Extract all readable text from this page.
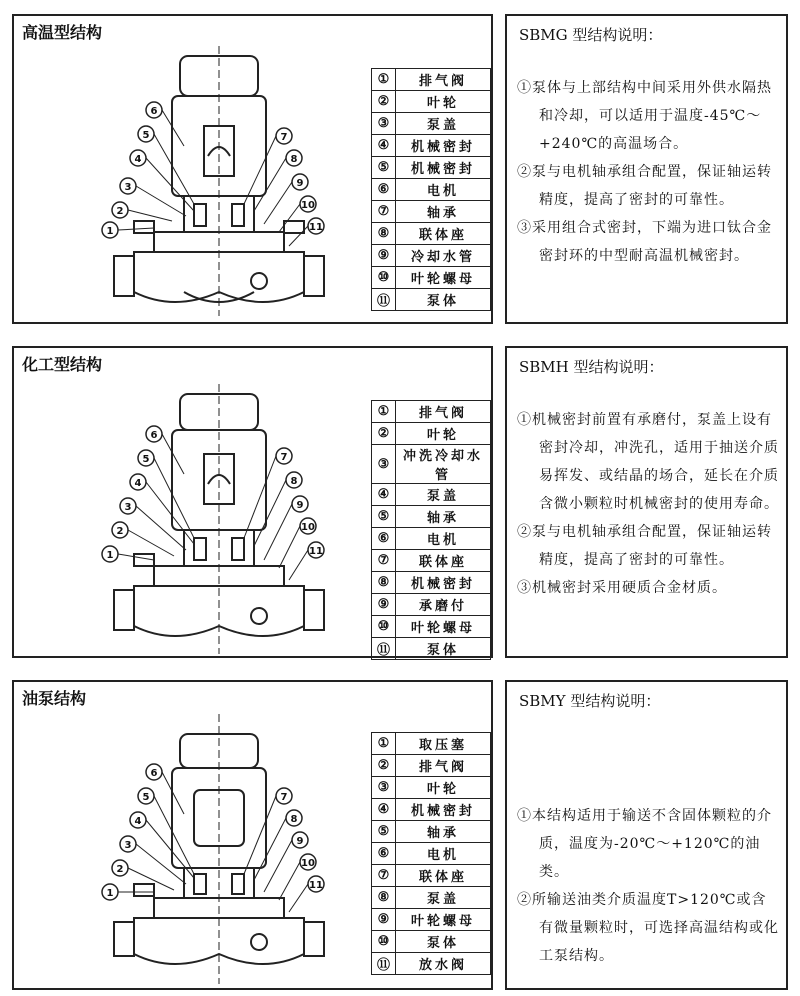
高温型结构
1
2
3
4
5
6
7
8
9
10
11
①	排气阀
②	叶轮
③	泵盖
④	机械密封
⑤	机械密封
⑥	电机
⑦	轴承
⑧	联体座
⑨	冷却水管
⑩	叶轮螺母
⑪	泵体
SBMG 型结构说明：
①泵体与上部结构中间采用外供水隔热和冷却，可以适用于温度-45℃～+240℃的高温场合。
②泵与电机轴承组合配置，保证轴运转精度，提高了密封的可靠性。
③采用组合式密封，下端为进口钛合金密封环的中型耐高温机械密封。
化工型结构
1
2
3
4
5
6
7
8
9
10
11
①	排气阀
②	叶轮
③	冲洗冷却水管
④	泵盖
⑤	轴承
⑥	电机
⑦	联体座
⑧	机械密封
⑨	承磨付
⑩	叶轮螺母
⑪	泵体
SBMH 型结构说明：
①机械密封前置有承磨付，泵盖上设有密封冷却，冲洗孔，适用于抽送介质易挥发、或结晶的场合，延长在介质含微小颗粒时机械密封的使用寿命。
②泵与电机轴承组合配置，保证轴运转精度，提高了密封的可靠性。
③机械密封采用硬质合金材质。
油泵结构
1
2
3
4
5
6
7
8
9
10
11
①	取压塞
②	排气阀
③	叶轮
④	机械密封
⑤	轴承
⑥	电机
⑦	联体座
⑧	泵盖
⑨	叶轮螺母
⑩	泵体
⑪	放水阀
SBMY 型结构说明：
①本结构适用于输送不含固体颗粒的介质，温度为-20℃～+120℃的油类。
②所输送油类介质温度T>120℃或含有微量颗粒时，可选择高温结构或化工泵结构。
